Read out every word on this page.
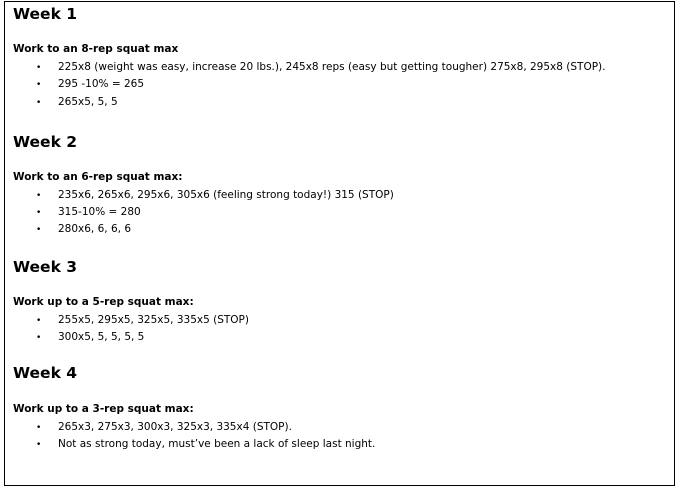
Week 1
Work to an 8-rep squat max
• 225x8 (weight was easy, increase 20 lbs.), 245x8 reps (easy but getting tougher) 275x8, 295x8 (STOP).
• 295 -10% = 265
• 265x5, 5, 5
Week 2
Work to an 6-rep squat max:
• 235x6, 265x6, 295x6, 305x6 (feeling strong today!) 315 (STOP)
• 315-10% = 280
• 280x6, 6, 6, 6
Week 3
Work up to a 5-rep squat max:
• 255x5, 295x5, 325x5, 335x5 (STOP)
• 300x5, 5, 5, 5, 5
Week 4
Work up to a 3-rep squat max:
• 265x3, 275x3, 300x3, 325x3, 335x4 (STOP).
• Not as strong today, must’ve been a lack of sleep last night.
